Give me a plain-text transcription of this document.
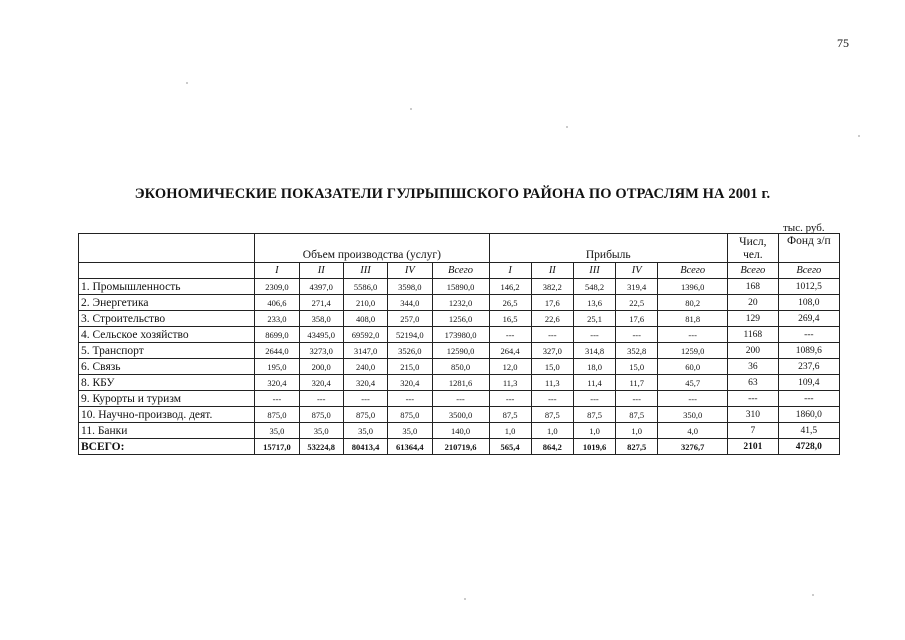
75
ЭКОНОМИЧЕСКИЕ ПОКАЗАТЕЛИ ГУЛРЫПШСКОГО РАЙОНА ПО ОТРАСЛЯМ НА 2001 г.
тыс. руб.
	Объем производства (услуг)					Прибыль					Числ, чел.	Фонд з/п
	I	II	III	IV	Всего	I	II	III	IV	Всего	Всего	Всего
1. Промышленность	2309,0	4397,0	5586,0	3598,0	15890,0	146,2	382,2	548,2	319,4	1396,0	168	1012,5
2. Энергетика	406,6	271,4	210,0	344,0	1232,0	26,5	17,6	13,6	22,5	80,2	20	108,0
3. Строительство	233,0	358,0	408,0	257,0	1256,0	16,5	22,6	25,1	17,6	81,8	129	269,4
4. Сельское хозяйство	8699,0	43495,0	69592,0	52194,0	173980,0	---	---	---	---	---	1168	---
5. Транспорт	2644,0	3273,0	3147,0	3526,0	12590,0	264,4	327,0	314,8	352,8	1259,0	200	1089,6
6. Связь	195,0	200,0	240,0	215,0	850,0	12,0	15,0	18,0	15,0	60,0	36	237,6
8. КБУ	320,4	320,4	320,4	320,4	1281,6	11,3	11,3	11,4	11,7	45,7	63	109,4
9. Курорты и туризм	---	---	---	---	---	---	---	---	---	---	---	---
10. Научно-производ. деят.	875,0	875,0	875,0	875,0	3500,0	87,5	87,5	87,5	87,5	350,0	310	1860,0
11. Банки	35,0	35,0	35,0	35,0	140,0	1,0	1,0	1,0	1,0	4,0	7	41,5
ВСЕГО:	15717,0	53224,8	80413,4	61364,4	210719,6	565,4	864,2	1019,6	827,5	3276,7	2101	4728,0
